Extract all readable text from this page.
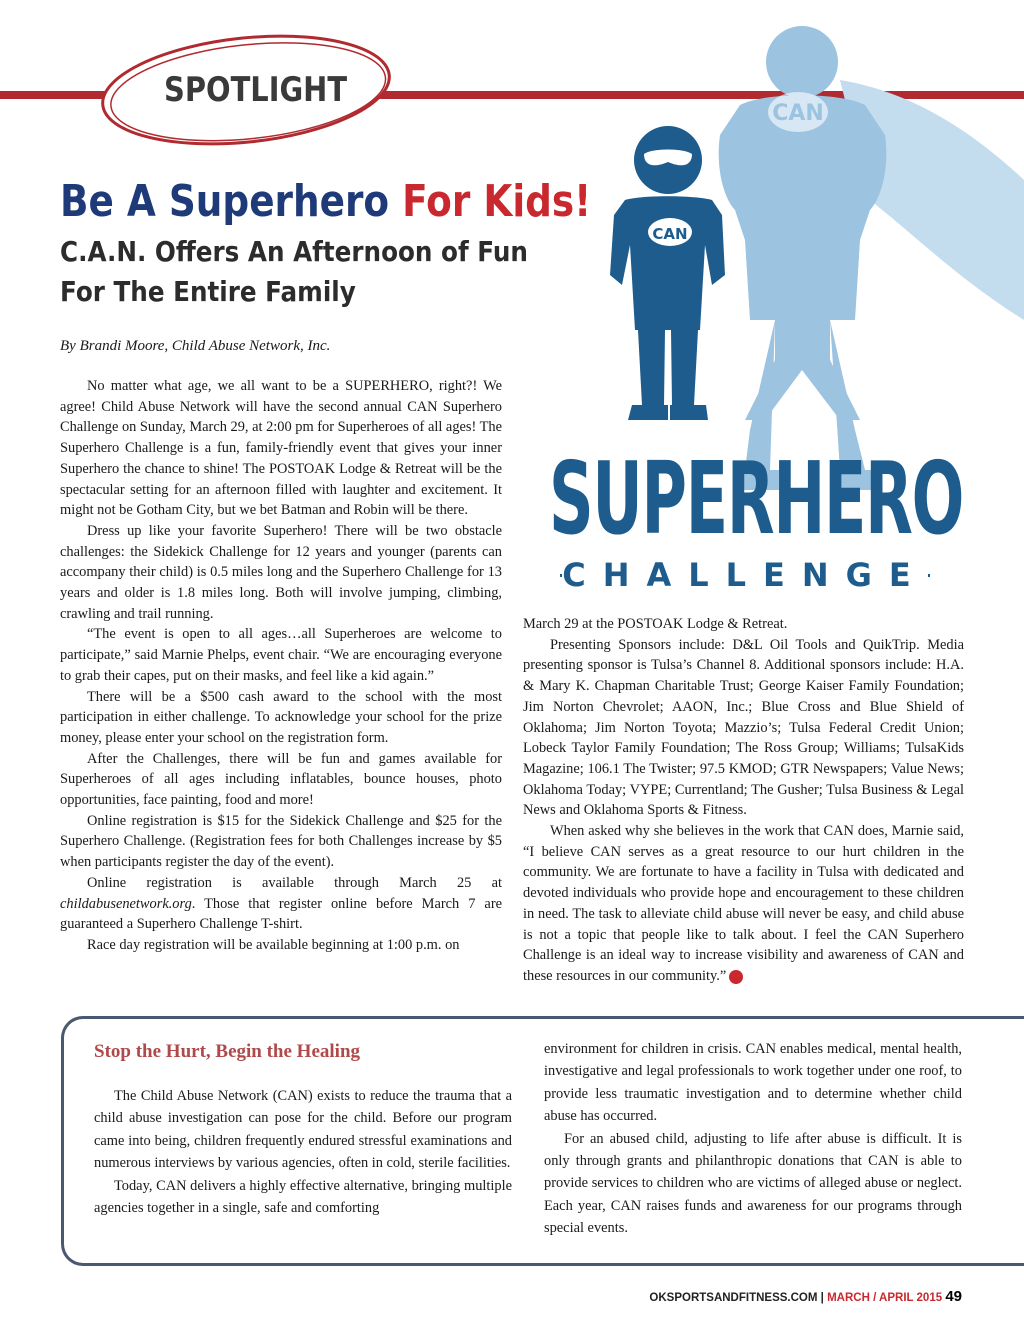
SPOTLIGHT
Be A Superhero For Kids!
C.A.N. Offers An Afternoon of Fun
For The Entire Family
By Brandi Moore, Child Abuse Network, Inc.
CAN
CAN
SUPERHERO
CHALLENGE

No matter what age, we all want to be a SUPERHERO, right?! We agree! Child Abuse Network will have the second annual CAN Superhero Challenge on Sunday, March 29, at 2:00 pm for Superheroes of all ages! The Superhero Challenge is a fun, family-friendly event that gives your inner Superhero the chance to shine! The POSTOAK Lodge & Retreat will be the spectacular setting for an afternoon filled with laughter and excitement. It might not be Gotham City, but we bet Batman and Robin will be there.

Dress up like your favorite Superhero! There will be two obstacle challenges: the Sidekick Challenge for 12 years and younger (parents can accompany their child) is 0.5 miles long and the Superhero Challenge for 13 years and older is 1.8 miles long. Both will involve jumping, climbing, crawling and trail running.

“The event is open to all ages…all Superheroes are welcome to participate,” said Marnie Phelps, event chair. “We are encouraging everyone to grab their capes, put on their masks, and feel like a kid again.”

There will be a $500 cash award to the school with the most participation in either challenge. To acknowledge your school for the prize money, please enter your school on the registration form.

After the Challenges, there will be fun and games available for Superheroes of all ages including inflatables, bounce houses, photo opportunities, face painting, food and more!

Online registration is $15 for the Sidekick Challenge and $25 for the Superhero Challenge. (Registration fees for both Challenges increase by $5 when participants register the day of the event).

Online registration is available through March 25 at childabusenetwork.org. Those that register online before March 7 are guaranteed a Superhero Challenge T-shirt.

Race day registration will be available beginning at 1:00 p.m. on

March 29 at the POSTOAK Lodge & Retreat.

Presenting Sponsors include: D&L Oil Tools and QuikTrip. Media presenting sponsor is Tulsa’s Channel 8. Additional sponsors include: H.A. & Mary K. Chapman Charitable Trust; George Kaiser Family Foundation; Jim Norton Chevrolet; AAON, Inc.; Blue Cross and Blue Shield of Oklahoma; Jim Norton Toyota; Mazzio’s; Tulsa Federal Credit Union; Lobeck Taylor Family Foundation; The Ross Group; Williams; TulsaKids Magazine; 106.1 The Twister; 97.5 KMOD; GTR Newspapers; Value News; Oklahoma Today; VYPE; Currentland; The Gusher; Tulsa Business & Legal News and Oklahoma Sports & Fitness.

When asked why she believes in the work that CAN does, Marnie said, “I believe CAN serves as a great resource to our hurt children in the community. We are fortunate to have a facility in Tulsa with dedicated and devoted individuals who provide hope and encouragement to these children in need. The task to alleviate child abuse will never be easy, and child abuse is not a topic that people like to talk about. I feel the CAN Superhero Challenge is an ideal way to increase visibility and awareness of CAN and these resources in our community.”

Stop the Hurt, Begin the Healing

The Child Abuse Network (CAN) exists to reduce the trauma that a child abuse investigation can pose for the child. Before our program came into being, children frequently endured stressful examinations and numerous interviews by various agencies, often in cold, sterile facilities.

Today, CAN delivers a highly effective alternative, bringing multiple agencies together in a single, safe and comforting

environment for children in crisis. CAN enables medical, mental health, investigative and legal professionals to work together under one roof, to provide less traumatic investigation and to determine whether child abuse has occurred.

For an abused child, adjusting to life after abuse is difficult. It is only through grants and philanthropic donations that CAN is able to provide services to children who are victims of alleged abuse or neglect. Each year, CAN raises funds and awareness for our programs through special events.

OKSPORTSANDFITNESS.COM | MARCH / APRIL 2015 49
